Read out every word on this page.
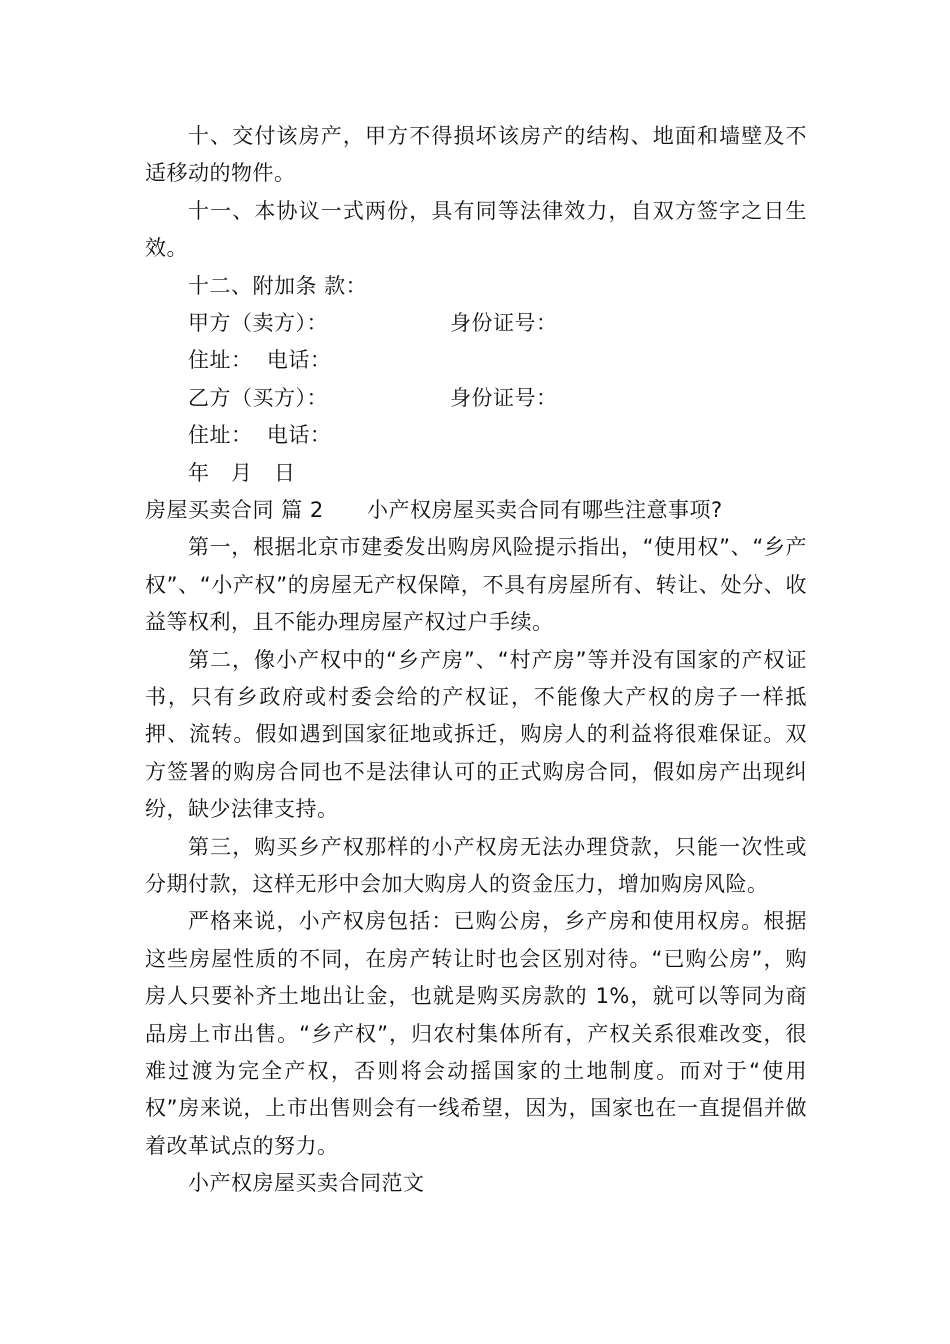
十、交付该房产，甲方不得损坏该房产的结构、地面和墙壁及不适移动的物件。

十一、本协议一式两份，具有同等法律效力，自双方签字之日生效。

十二、附加条 款：

甲方（卖方）：	身份证号：
住址：  电话：
乙方（买方）：	身份证号：
住址：  电话：
年   月   日
房屋买卖合同 篇 2	小产权房屋买卖合同有哪些注意事项?

第一，根据北京市建委发出购房风险提示指出，“使用权”、“乡产权”、“小产权”的房屋无产权保障，不具有房屋所有、转让、处分、收益等权利，且不能办理房屋产权过户手续。

第二，像小产权中的“乡产房”、“村产房”等并没有国家的产权证书，只有乡政府或村委会给的产权证，不能像大产权的房子一样抵押、流转。假如遇到国家征地或拆迁，购房人的利益将很难保证。双方签署的购房合同也不是法律认可的正式购房合同，假如房产出现纠纷，缺少法律支持。

第三，购买乡产权那样的小产权房无法办理贷款，只能一次性或分期付款，这样无形中会加大购房人的资金压力，增加购房风险。

严格来说，小产权房包括：已购公房，乡产房和使用权房。根据这些房屋性质的不同，在房产转让时也会区别对待。“已购公房”，购房人只要补齐土地出让金，也就是购买房款的 1%，就可以等同为商品房上市出售。“乡产权”，归农村集体所有，产权关系很难改变，很难过渡为完全产权，否则将会动摇国家的土地制度。而对于“使用权”房来说，上市出售则会有一线希望，因为，国家也在一直提倡并做着改革试点的努力。

小产权房屋买卖合同范文
